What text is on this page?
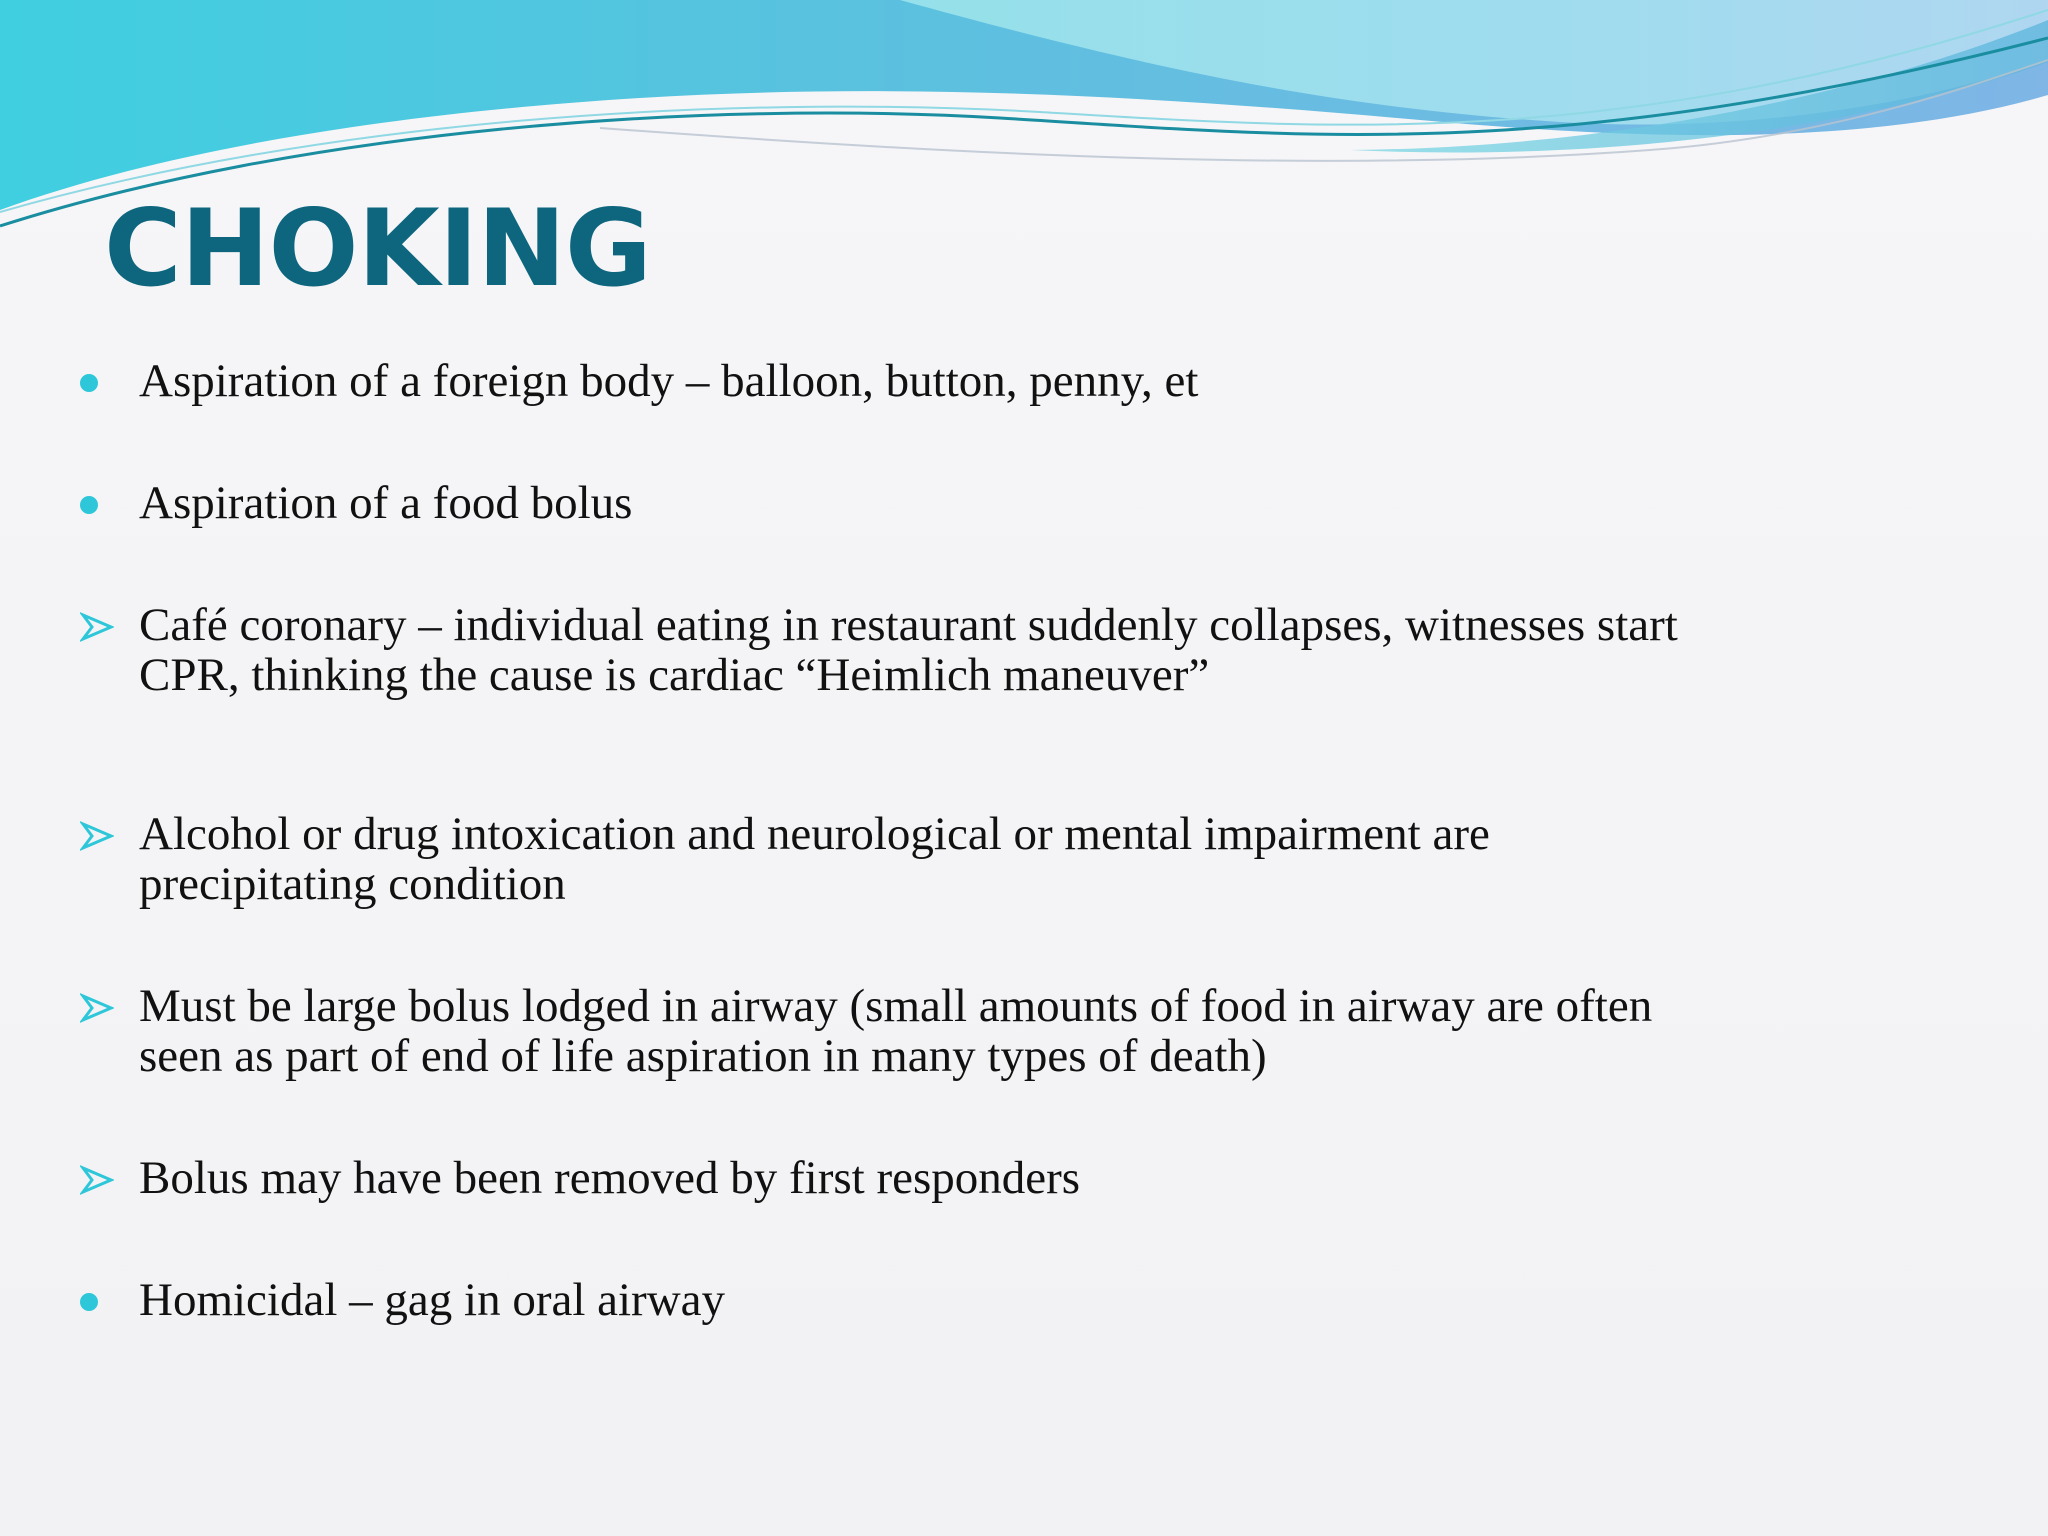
CHOKING
Aspiration of a foreign body – balloon, button, penny, et
Aspiration of a food bolus
Café coronary – individual eating in restaurant suddenly collapses, witnesses start
CPR, thinking the cause is cardiac “Heimlich maneuver”
Alcohol or drug intoxication and neurological or mental impairment are
precipitating condition
Must be large bolus lodged in airway (small amounts of food in airway are often
seen as part of end of life aspiration in many types of death)
Bolus may have been removed by first responders
Homicidal – gag in oral airway
